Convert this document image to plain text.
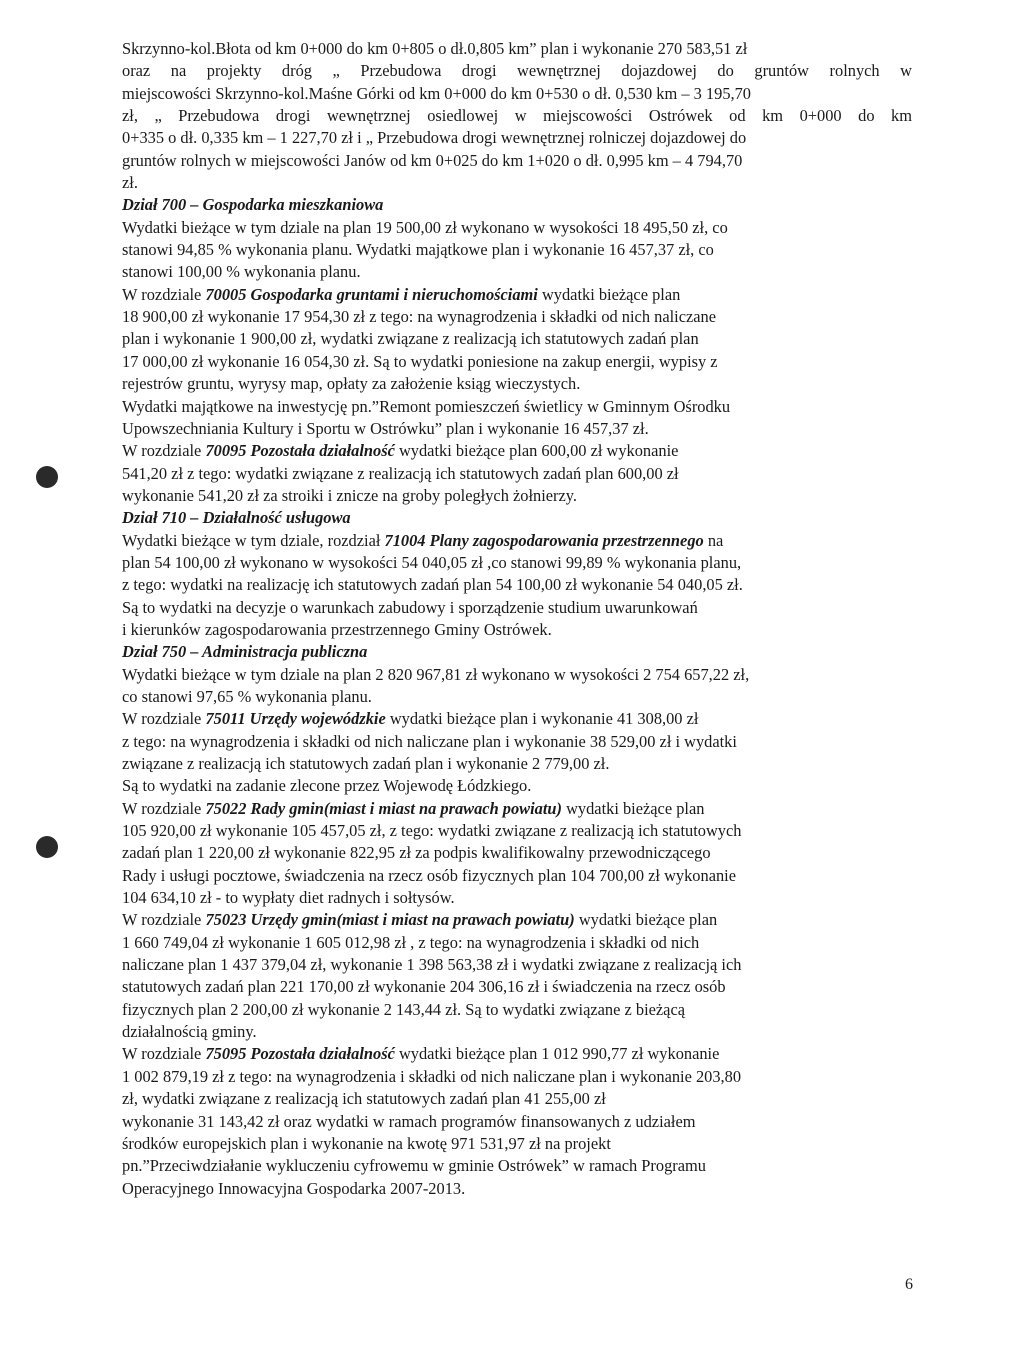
Skrzynno-kol.Błota od km 0+000 do km 0+805 o dł.0,805 km” plan i wykonanie 270 583,51 zł
oraz na projekty dróg „ Przebudowa drogi wewnętrznej dojazdowej do gruntów rolnych w
miejscowości Skrzynno-kol.Maśne Górki od km 0+000 do km 0+530 o dł. 0,530 km – 3 195,70
zł, „ Przebudowa drogi wewnętrznej osiedlowej w miejscowości Ostrówek od km 0+000 do km
0+335 o dł. 0,335 km – 1 227,70 zł i „ Przebudowa drogi wewnętrznej rolniczej dojazdowej do
gruntów rolnych w miejscowości Janów od km 0+025 do km 1+020 o dł. 0,995 km – 4 794,70
zł.
Dział 700 – Gospodarka mieszkaniowa
Wydatki bieżące w tym dziale na plan 19 500,00 zł wykonano w wysokości 18 495,50 zł, co
stanowi 94,85 % wykonania planu. Wydatki majątkowe plan i wykonanie 16 457,37 zł, co
stanowi 100,00 % wykonania planu.
W rozdziale 70005 Gospodarka gruntami i nieruchomościami wydatki bieżące plan
18 900,00 zł wykonanie 17 954,30 zł z tego: na wynagrodzenia i składki od nich naliczane
plan i wykonanie 1 900,00 zł, wydatki związane z realizacją ich statutowych zadań plan
17 000,00 zł wykonanie 16 054,30 zł. Są to wydatki poniesione na zakup energii, wypisy z
rejestrów gruntu, wyrysy map, opłaty za założenie ksiąg wieczystych.
Wydatki majątkowe na inwestycję pn.”Remont pomieszczeń świetlicy w Gminnym Ośrodku
Upowszechniania Kultury i Sportu w Ostrówku” plan i wykonanie 16 457,37 zł.
W rozdziale 70095 Pozostała działalność wydatki bieżące plan 600,00 zł wykonanie
541,20 zł z tego: wydatki związane z realizacją ich statutowych zadań plan 600,00 zł
wykonanie 541,20 zł za stroiki i znicze na groby poległych żołnierzy.
Dział 710 – Działalność usługowa
Wydatki bieżące w tym dziale, rozdział 71004 Plany zagospodarowania przestrzennego na
plan 54 100,00 zł wykonano w wysokości 54 040,05 zł ,co stanowi 99,89 % wykonania planu,
z tego: wydatki na realizację ich statutowych zadań plan 54 100,00 zł wykonanie 54 040,05 zł.
Są to wydatki na decyzje o warunkach zabudowy i sporządzenie studium uwarunkowań
i kierunków zagospodarowania przestrzennego Gminy Ostrówek.
Dział 750 – Administracja publiczna
Wydatki bieżące w tym dziale na plan 2 820 967,81 zł wykonano w wysokości 2 754 657,22 zł,
co stanowi 97,65 % wykonania planu.
W rozdziale 75011 Urzędy wojewódzkie wydatki bieżące plan i wykonanie 41 308,00 zł
z tego: na wynagrodzenia i składki od nich naliczane plan i wykonanie 38 529,00 zł i wydatki
związane z realizacją ich statutowych zadań plan i wykonanie 2 779,00 zł.
Są to wydatki na zadanie zlecone przez Wojewodę Łódzkiego.
W rozdziale 75022 Rady gmin(miast i miast na prawach powiatu) wydatki bieżące plan
105 920,00 zł wykonanie 105 457,05 zł, z tego: wydatki związane z realizacją ich statutowych
zadań plan 1 220,00 zł wykonanie 822,95 zł za podpis kwalifikowalny przewodniczącego
Rady i usługi pocztowe, świadczenia na rzecz osób fizycznych plan 104 700,00 zł wykonanie
104 634,10 zł - to wypłaty diet radnych i sołtysów.
W rozdziale 75023 Urzędy gmin(miast i miast na prawach powiatu) wydatki bieżące plan
1 660 749,04 zł wykonanie 1 605 012,98 zł , z tego: na wynagrodzenia i składki od nich
naliczane plan 1 437 379,04 zł, wykonanie 1 398 563,38 zł i wydatki związane z realizacją ich
statutowych zadań plan 221 170,00 zł wykonanie 204 306,16 zł i świadczenia na rzecz osób
fizycznych plan 2 200,00 zł wykonanie 2 143,44 zł. Są to wydatki związane z bieżącą
działalnością gminy.
W rozdziale 75095 Pozostała działalność wydatki bieżące plan 1 012 990,77 zł wykonanie
1 002 879,19 zł z tego: na wynagrodzenia i składki od nich naliczane plan i wykonanie 203,80
zł, wydatki związane z realizacją ich statutowych zadań plan 41 255,00 zł
wykonanie 31 143,42 zł oraz wydatki w ramach programów finansowanych z udziałem
środków europejskich plan i wykonanie na kwotę 971 531,97 zł na projekt
pn.”Przeciwdziałanie wykluczeniu cyfrowemu w gminie Ostrówek” w ramach Programu
Operacyjnego Innowacyjna Gospodarka 2007-2013.
6
